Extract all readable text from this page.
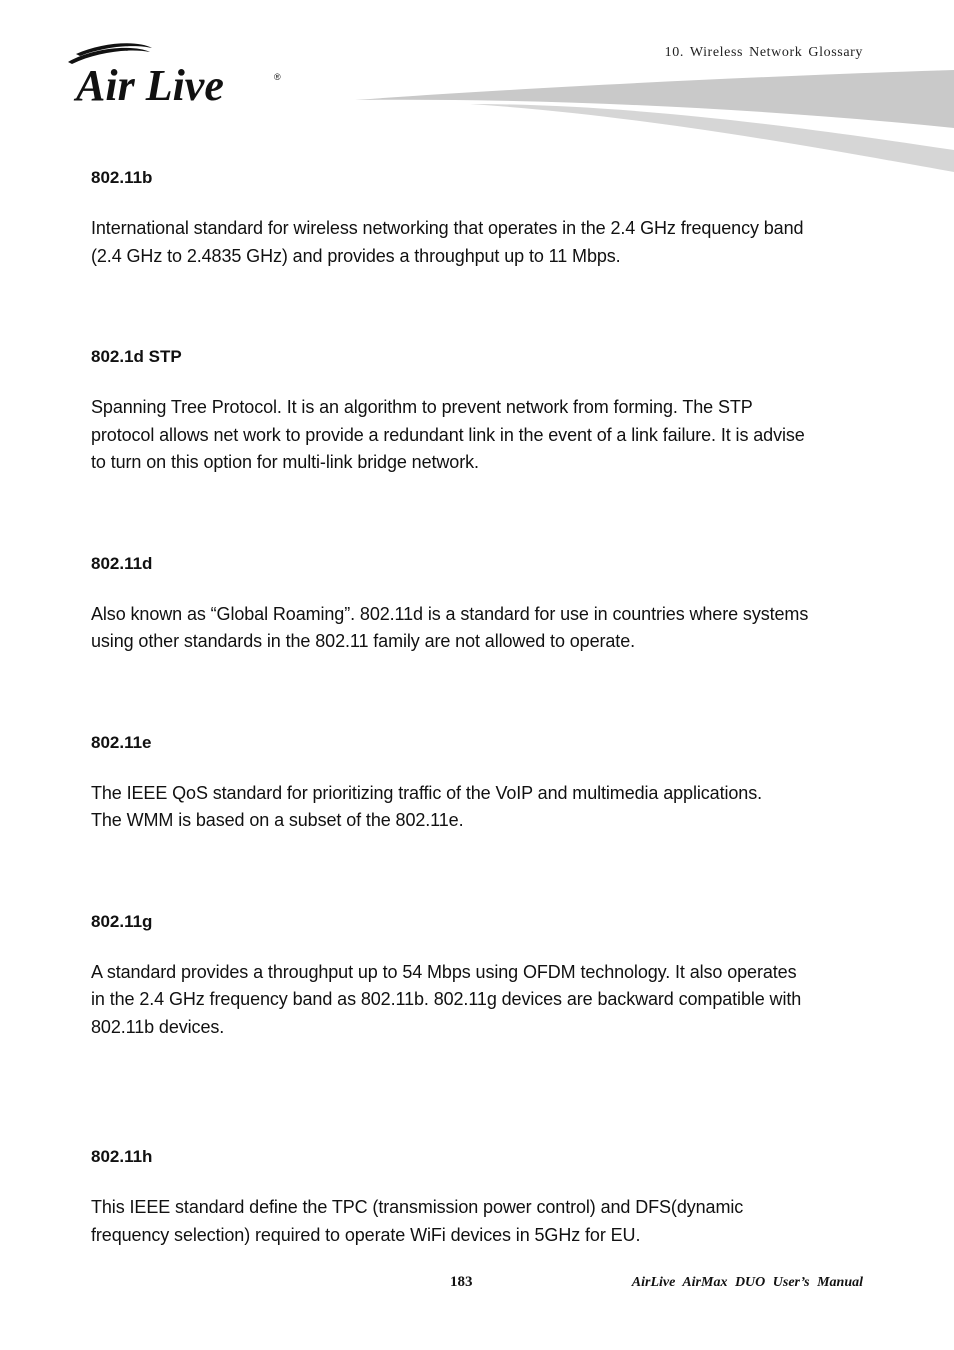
Air Live	®
10. Wireless Network Glossary

802.11b

International standard for wireless networking that operates in the 2.4 GHz frequency band
(2.4 GHz to 2.4835 GHz) and provides a throughput up to 11 Mbps.

802.1d STP

Spanning Tree Protocol. It is an algorithm to prevent network from forming. The STP
protocol allows net work to provide a redundant link in the event of a link failure. It is advise
to turn on this option for multi-link bridge network.

802.11d

Also known as “Global Roaming”. 802.11d is a standard for use in countries where systems
using other standards in the 802.11 family are not allowed to operate.

802.11e

The IEEE QoS standard for prioritizing traffic of the VoIP and multimedia applications.
The WMM is based on a subset of the 802.11e.

802.11g

A standard provides a throughput up to 54 Mbps using OFDM technology. It also operates
in the 2.4 GHz frequency band as 802.11b. 802.11g devices are backward compatible with
802.11b devices.

802.11h

This IEEE standard define the TPC (transmission power control) and DFS(dynamic
frequency selection) required to operate WiFi devices in 5GHz for EU.

183	AirLive AirMax DUO User’s Manual
